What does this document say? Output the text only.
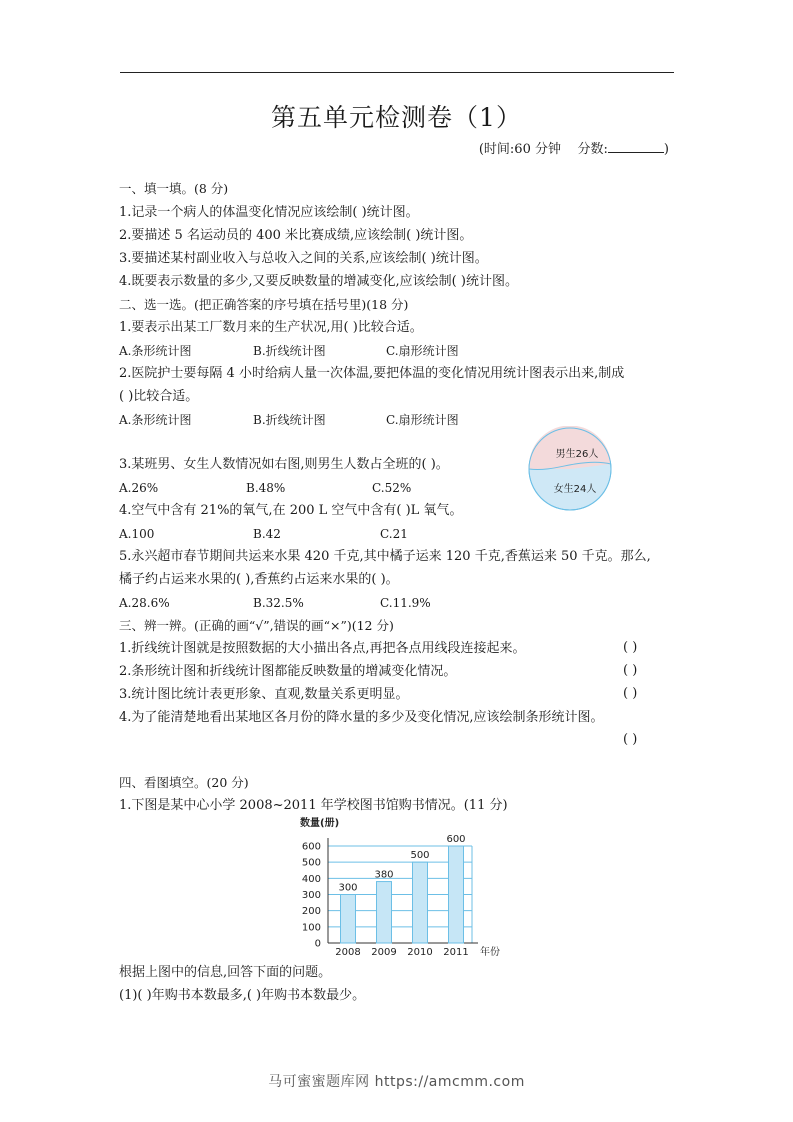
第五单元检测卷（1）
(时间:60 分钟 分数:	)
一、填一填。(8 分)
1.记录一个病人的体温变化情况应该绘制( )统计图。
2.要描述 5 名运动员的 400 米比赛成绩,应该绘制( )统计图。
3.要描述某村副业收入与总收入之间的关系,应该绘制( )统计图。
4.既要表示数量的多少,又要反映数量的增减变化,应该绘制( )统计图。
二、选一选。(把正确答案的序号填在括号里)(18 分)
1.要表示出某工厂数月来的生产状况,用( )比较合适。
A.条形统计图	B.折线统计图	C.扇形统计图
2.医院护士要每隔 4 小时给病人量一次体温,要把体温的变化情况用统计图表示出来,制成
( )比较合适。
A.条形统计图	B.折线统计图	C.扇形统计图
3.某班男、女生人数情况如右图,则男生人数占全班的( )。
A.26%	B.48%	C.52%
男生26人
女生24人
4.空气中含有 21%的氧气,在 200 L 空气中含有( )L 氧气。
A.100	B.42	C.21
5.永兴超市春节期间共运来水果 420 千克,其中橘子运来 120 千克,香蕉运来 50 千克。那么,
橘子约占运来水果的( ),香蕉约占运来水果的( )。
A.28.6%	B.32.5%	C.11.9%
三、辨一辨。(正确的画“√”,错误的画“×”)(12 分)
1.折线统计图就是按照数据的大小描出各点,再把各点用线段连接起来。	( )
2.条形统计图和折线统计图都能反映数量的增减变化情况。	( )
3.统计图比统计表更形象、直观,数量关系更明显。	( )
4.为了能清楚地看出某地区各月份的降水量的多少及变化情况,应该绘制条形统计图。
( )
四、看图填空。(20 分)
1.下图是某中心小学 2008~2011 年学校图书馆购书情况。(11 分)
0
100
200
300
400
500
600
300
2008
380
2009
500
2010
600
2011
数量(册)
年份
根据上图中的信息,回答下面的问题。
(1)( )年购书本数最多,( )年购书本数最少。
马可蜜蜜题库网 https://amcmm.com
